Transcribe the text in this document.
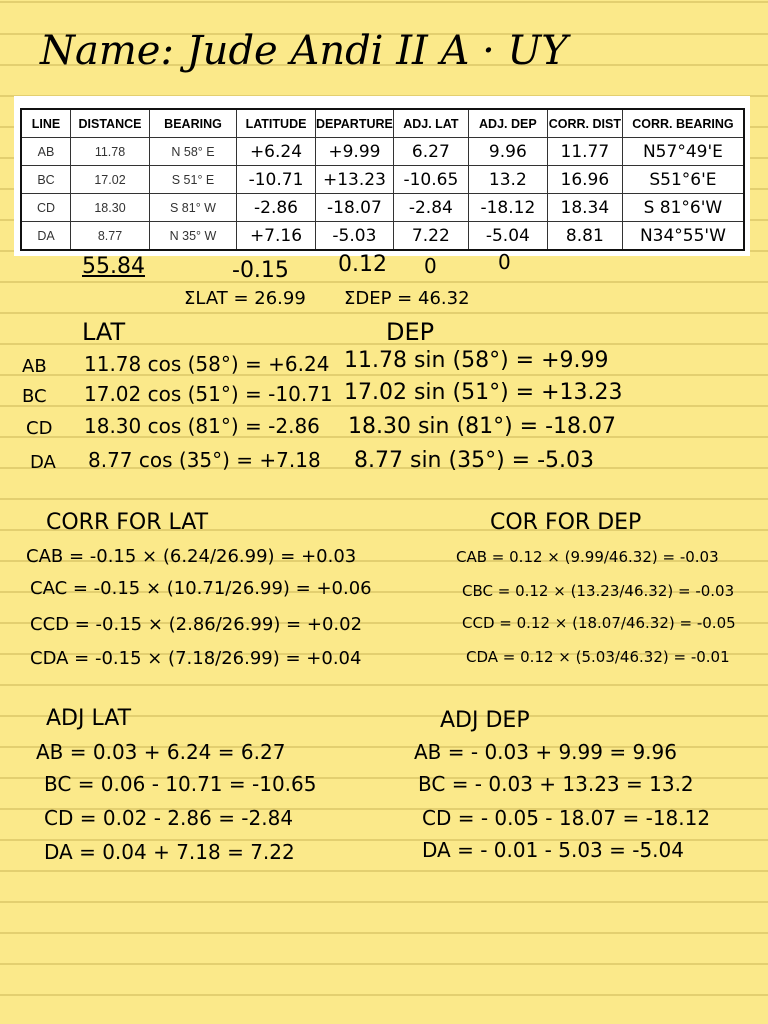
Name: Jude Andi II A · UY
LINE	DISTANCE	BEARING	LATITUDE	DEPARTURE	ADJ. LAT	ADJ. DEP	CORR. DIST	CORR. BEARING
AB	11.78	N 58° E	+6.24	+9.99	6.27	9.96	11.77	N57°49'E
BC	17.02	S 51° E	-10.71	+13.23	-10.65	13.2	16.96	S51°6'E
CD	18.30	S 81° W	-2.86	-18.07	-2.84	-18.12	18.34	S 81°6'W
DA	8.77	N 35° W	+7.16	-5.03	7.22	-5.04	8.81	N34°55'W
55.84	-0.15 0.12 0	0
ΣLAT = 26.99 ΣDEP = 46.32
LAT
AB 11.78 cos (58°) = +6.24
BC 17.02 cos (51°) = -10.71
CD 18.30 cos (81°) = -2.86
DA 8.77 cos (35°) = +7.18
DEP
11.78 sin (58°) = +9.99
17.02 sin (51°) = +13.23
18.30 sin (81°) = -18.07
8.77 sin (35°) = -5.03
CORR FOR LAT
CAB = -0.15 × (6.24/26.99) = +0.03
CAC = -0.15 × (10.71/26.99) = +0.06
CCD = -0.15 × (2.86/26.99) = +0.02
CDA = -0.15 × (7.18/26.99) = +0.04
COR FOR DEP
CAB = 0.12 × (9.99/46.32) = -0.03
CBC = 0.12 × (13.23/46.32) = -0.03
CCD = 0.12 × (18.07/46.32) = -0.05
CDA = 0.12 × (5.03/46.32) = -0.01
ADJ LAT
AB = 0.03 + 6.24 = 6.27
BC = 0.06 - 10.71 = -10.65
CD = 0.02 - 2.86 = -2.84
DA = 0.04 + 7.18 = 7.22
ADJ DEP
AB = - 0.03 + 9.99 = 9.96
BC = - 0.03 + 13.23 = 13.2
CD = - 0.05 - 18.07 = -18.12
DA = - 0.01 - 5.03 = -5.04
